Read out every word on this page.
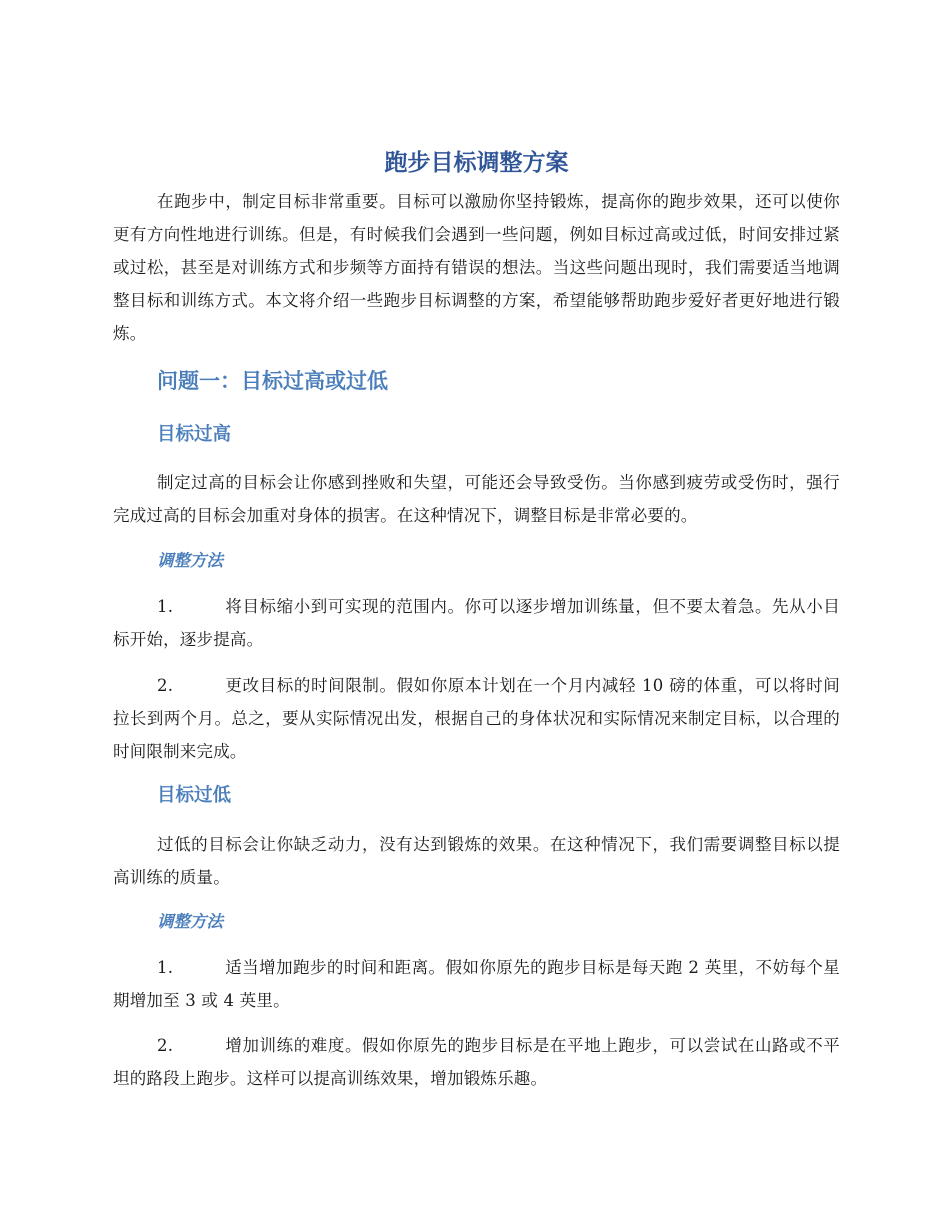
跑步目标调整方案

在跑步中，制定目标非常重要。目标可以激励你坚持锻炼，提高你的跑步效果，还可以使你更有方向性地进行训练。但是，有时候我们会遇到一些问题，例如目标过高或过低，时间安排过紧或过松，甚至是对训练方式和步频等方面持有错误的想法。当这些问题出现时，我们需要适当地调整目标和训练方式。本文将介绍一些跑步目标调整的方案，希望能够帮助跑步爱好者更好地进行锻炼。

问题一：目标过高或过低
目标过高

制定过高的目标会让你感到挫败和失望，可能还会导致受伤。当你感到疲劳或受伤时，强行完成过高的目标会加重对身体的损害。在这种情况下，调整目标是非常必要的。

调整方法

1.	将目标缩小到可实现的范围内。你可以逐步增加训练量，但不要太着急。先从小目标开始，逐步提高。

2.	更改目标的时间限制。假如你原本计划在一个月内减轻 10 磅的体重，可以将时间拉长到两个月。总之，要从实际情况出发，根据自己的身体状况和实际情况来制定目标，以合理的时间限制来完成。

目标过低

过低的目标会让你缺乏动力，没有达到锻炼的效果。在这种情况下，我们需要调整目标以提高训练的质量。

调整方法

1.	适当增加跑步的时间和距离。假如你原先的跑步目标是每天跑 2 英里，不妨每个星期增加至 3 或 4 英里。

2.	增加训练的难度。假如你原先的跑步目标是在平地上跑步，可以尝试在山路或不平坦的路段上跑步。这样可以提高训练效果，增加锻炼乐趣。
